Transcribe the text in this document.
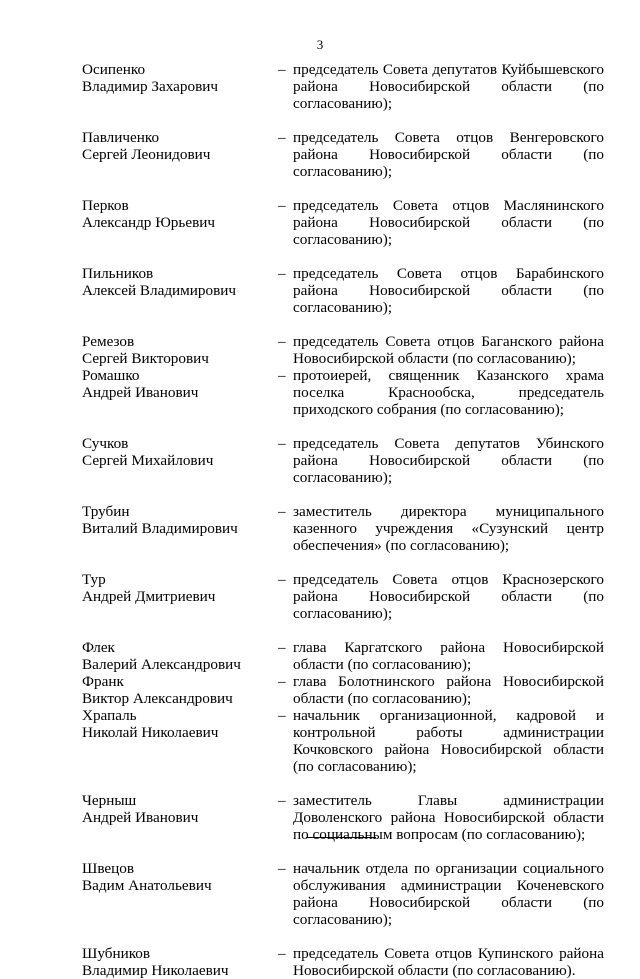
3
Осипенко
Владимир Захарович
– председатель Совета депутатов Куйбышевского района Новосибирской области (по согласованию);
Павличенко
Сергей Леонидович
– председатель Совета отцов Венгеровского района Новосибирской области (по согласованию);
Перков
Александр Юрьевич
– председатель Совета отцов Маслянинского района Новосибирской области (по согласованию);
Пильников
Алексей Владимирович
– председатель Совета отцов Барабинского района Новосибирской области (по согласованию);
Ремезов
Сергей Викторович
– председатель Совета отцов Баганского района Новосибирской области (по согласованию);
Ромашко
Андрей Иванович
– протоиерей, священник Казанского храма поселка Краснообска, председатель приходского собрания (по согласованию);
Сучков
Сергей Михайлович
– председатель Совета депутатов Убинского района Новосибирской области (по согласованию);
Трубин
Виталий Владимирович
– заместитель директора муниципального казенного учреждения «Сузунский центр обеспечения» (по согласованию);
Тур
Андрей Дмитриевич
– председатель Совета отцов Краснозерского района Новосибирской области (по согласованию);
Флек
Валерий Александрович
– глава Каргатского района Новосибирской области (по согласованию);
Франк
Виктор Александрович
– глава Болотнинского района Новосибирской области (по согласованию);
Храпаль
Николай Николаевич
– начальник организационной, кадровой и контрольной работы администрации Кочковского района Новосибирской области (по согласованию);
Черныш
Андрей Иванович
– заместитель Главы администрации Доволенского района Новосибирской области по социальным вопросам (по согласованию);
Швецов
Вадим Анатольевич
– начальник отдела по организации социального обслуживания администрации Коченевского района Новосибирской области (по согласованию);
Шубников
Владимир Николаевич
– председатель Совета отцов Купинского района Новосибирской области (по согласованию).
